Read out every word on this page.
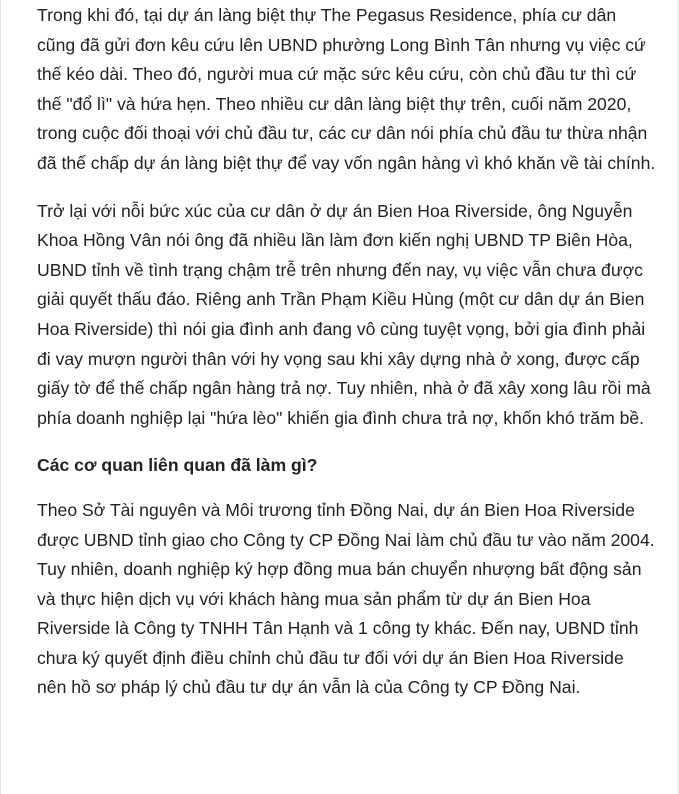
Trong khi đó, tại dự án làng biệt thự The Pegasus Residence, phía cư dân cũng đã gửi đơn kêu cứu lên UBND phường Long Bình Tân nhưng vụ việc cứ thế kéo dài. Theo đó, người mua cứ mặc sức kêu cứu, còn chủ đầu tư thì cứ thế "đổ lì" và hứa hẹn. Theo nhiều cư dân làng biệt thự trên, cuối năm 2020, trong cuộc đối thoại với chủ đầu tư, các cư dân nói phía chủ đầu tư thừa nhận đã thế chấp dự án làng biệt thự để vay vốn ngân hàng vì khó khăn về tài chính.

Trở lại với nỗi bức xúc của cư dân ở dự án Bien Hoa Riverside, ông Nguyễn Khoa Hồng Vân nói ông đã nhiều lần làm đơn kiến nghị UBND TP Biên Hòa, UBND tỉnh về tình trạng chậm trễ trên nhưng đến nay, vụ việc vẫn chưa được giải quyết thấu đáo. Riêng anh Trần Phạm Kiều Hùng (một cư dân dự án Bien Hoa Riverside) thì nói gia đình anh đang vô cùng tuyệt vọng, bởi gia đình phải đi vay mượn người thân với hy vọng sau khi xây dựng nhà ở xong, được cấp giấy tờ để thế chấp ngân hàng trả nợ. Tuy nhiên, nhà ở đã xây xong lâu rồi mà phía doanh nghiệp lại "hứa lèo" khiến gia đình chưa trả nợ, khốn khó trăm bề.

Các cơ quan liên quan đã làm gì?

Theo Sở Tài nguyên và Môi trương tỉnh Đồng Nai, dự án Bien Hoa Riverside được UBND tỉnh giao cho Công ty CP Đồng Nai làm chủ đầu tư vào năm 2004. Tuy nhiên, doanh nghiệp ký hợp đồng mua bán chuyển nhượng bất động sản và thực hiện dịch vụ với khách hàng mua sản phẩm từ dự án Bien Hoa Riverside là Công ty TNHH Tân Hạnh và 1 công ty khác. Đến nay, UBND tỉnh chưa ký quyết định điều chỉnh chủ đầu tư đối với dự án Bien Hoa Riverside nên hồ sơ pháp lý chủ đầu tư dự án vẫn là của Công ty CP Đồng Nai.
